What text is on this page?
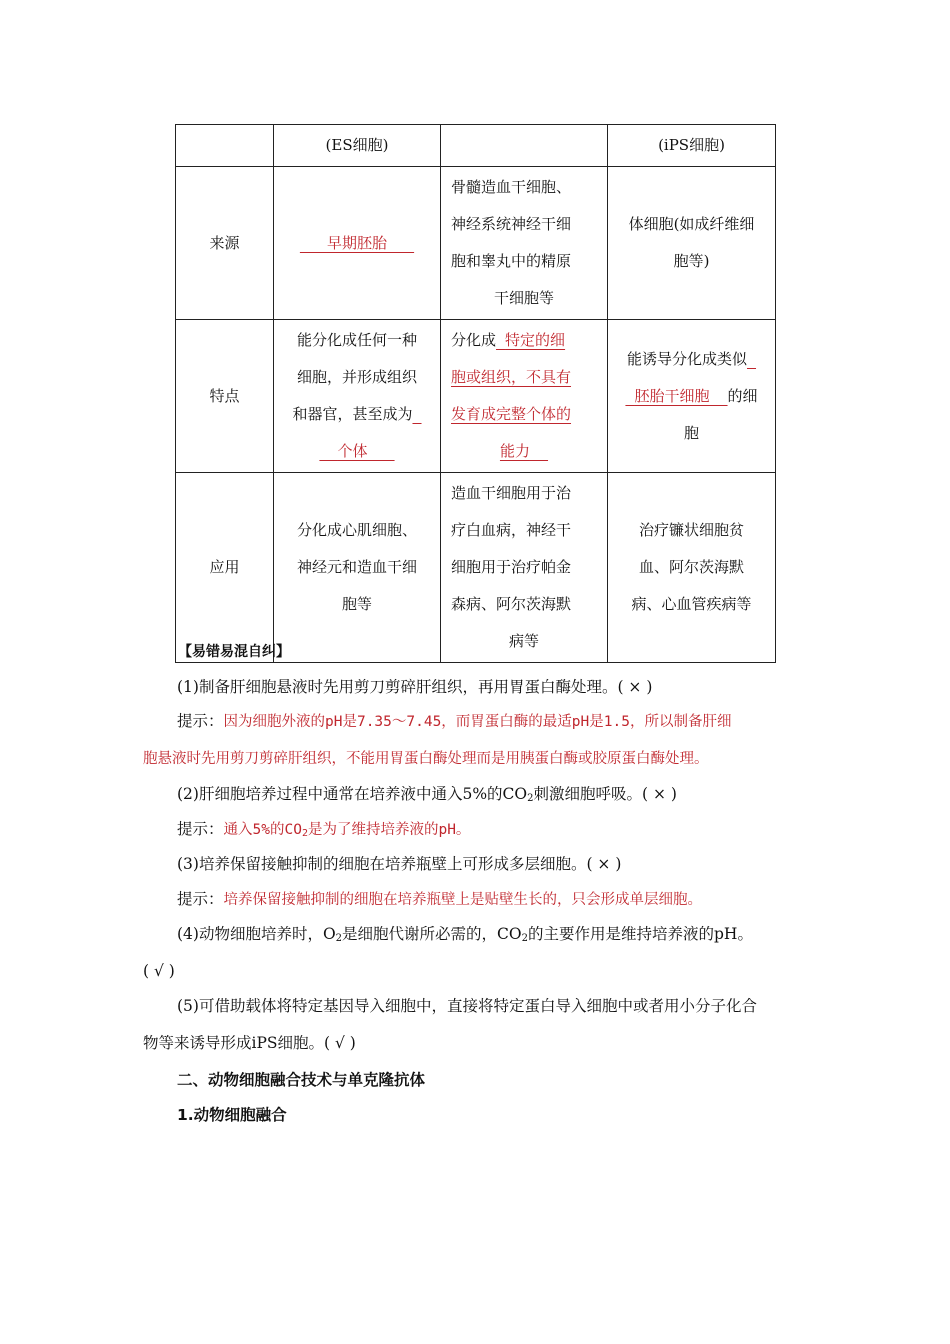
	(ES细胞)		(iPS细胞)
来源	早期胚胎	骨髓造血干细胞、
神经系统神经干细
胞和睾丸中的精原

干细胞等	体细胞(如成纤维细
胞等)
特点	能分化成任何一种
细胞，并形成组织
和器官，甚至成为
个体	分化成 特定的细
胞或组织，不具有
发育成完整个体的

能力	能诱导分化成类似
胚胎干细胞 的细
胞
应用	分化成心肌细胞、
神经元和造血干细
胞等	造血干细胞用于治
疗白血病，神经干
细胞用于治疗帕金
森病、阿尔茨海默

病等	治疗镰状细胞贫
血、阿尔茨海默
病、心血管疾病等
【易错易混自纠】
(1)制备肝细胞悬液时先用剪刀剪碎肝组织，再用胃蛋白酶处理。( × )
提示：因为细胞外液的pH是7.35～7.45，而胃蛋白酶的最适pH是1.5，所以制备肝细
胞悬液时先用剪刀剪碎肝组织，不能用胃蛋白酶处理而是用胰蛋白酶或胶原蛋白酶处理。
(2)肝细胞培养过程中通常在培养液中通入5%的$CO_2$刺激细胞呼吸。( × )
提示：通入5%的$CO_2$是为了维持培养液的pH。
(3)培养保留接触抑制的细胞在培养瓶壁上可形成多层细胞。( × )
提示：培养保留接触抑制的细胞在培养瓶壁上是贴壁生长的，只会形成单层细胞。
(4)动物细胞培养时，$O_2$是细胞代谢所必需的，$CO_2$的主要作用是维持培养液的pH。
( √ )
(5)可借助载体将特定基因导入细胞中，直接将特定蛋白导入细胞中或者用小分子化合
物等来诱导形成iPS细胞。( √ )
二、动物细胞融合技术与单克隆抗体
1.动物细胞融合
